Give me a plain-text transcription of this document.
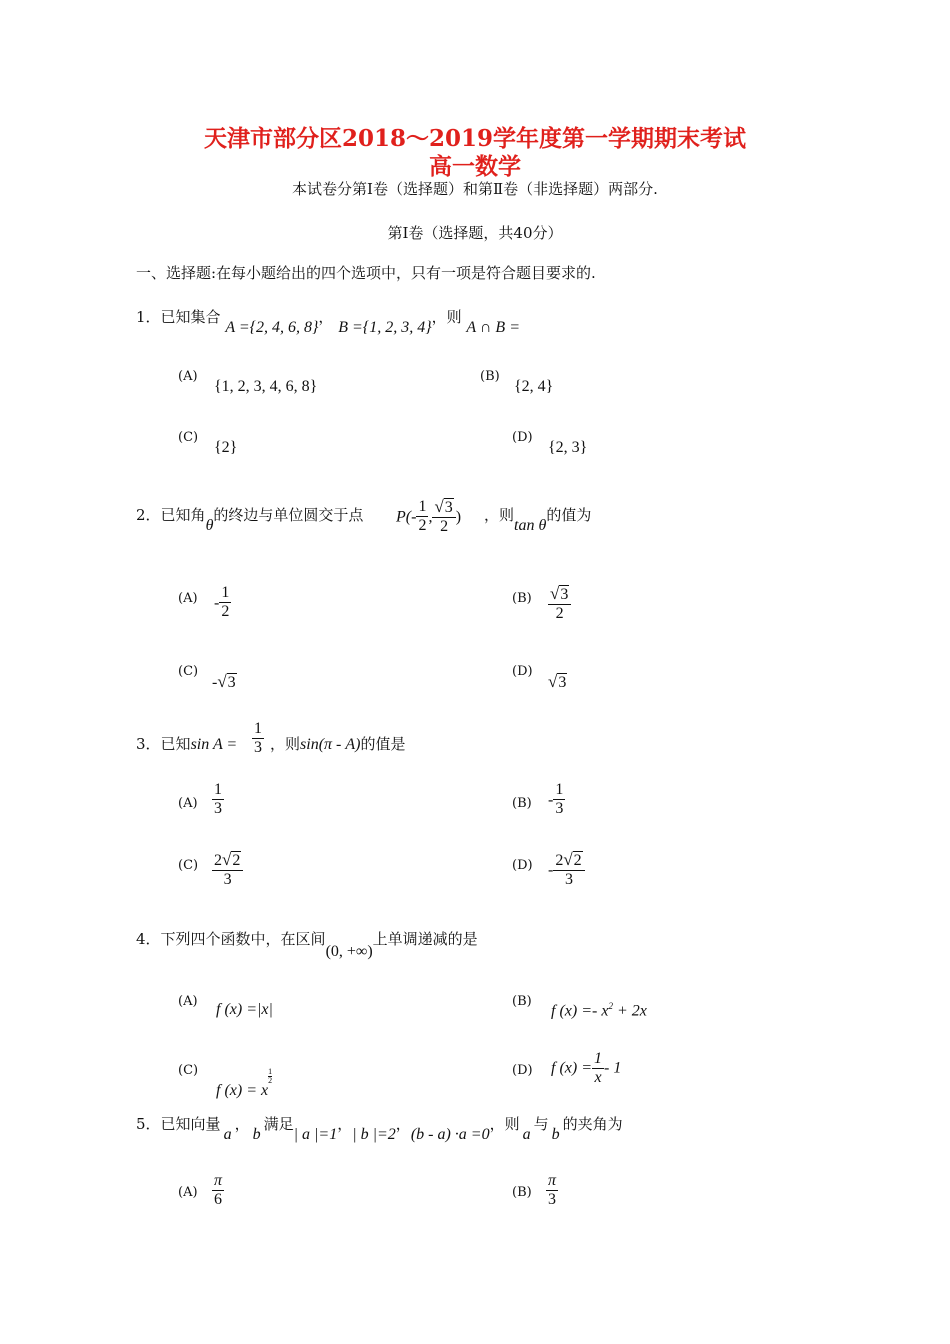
天津市部分区2018～2019学年度第一学期期末考试
高一数学
本试卷分第Ⅰ卷（选择题）和第Ⅱ卷（非选择题）两部分.
第Ⅰ卷（选择题，共40分）
一、选择题:在每小题给出的四个选项中，只有一项是符合题目要求的.
1．已知集合 A ={2, 4, 6, 8}， B ={1, 2, 3, 4}，则 A ∩ B =
(A)
{1, 2, 3, 4, 6, 8}
(B)
{2, 4}
(C)
{2}
(D)
{2, 3}
2．已知角θ的终边与单位圆交于点 $P(- \frac{1}{2}$ , $\frac{√3}{2}$ ) ，则tan θ的值为
$(A) - \frac{1}{2}$	$(B) \frac{√3}{2}$
(C)
-√3
(D)
√3
3．已知$\sin A = \frac{1}{3}$ ，则sin(π - A)的值是
$(A) \frac{1}{3}$	$(B) - \frac{1}{3}$
$(C) \frac{2√2}{3}$	$(D) - \frac{2√2}{3}$
4．下列四个函数中，在区间(0, +∞)上单调递减的是
(A) f (x) =|x|	(B)
f $(x) =- x^2 + 2x$
(C)
f (x) = x
$\frac{1}{2}$	(D) f $(x) = \frac{1}{x} - 1$
5．已知向量a，b满足| a |=1，| b |=2，(b - a) ·a =0，则a与b的夹角为
$(A) \frac{\pi}{6}$	$(B) \frac{\pi}{3}$
